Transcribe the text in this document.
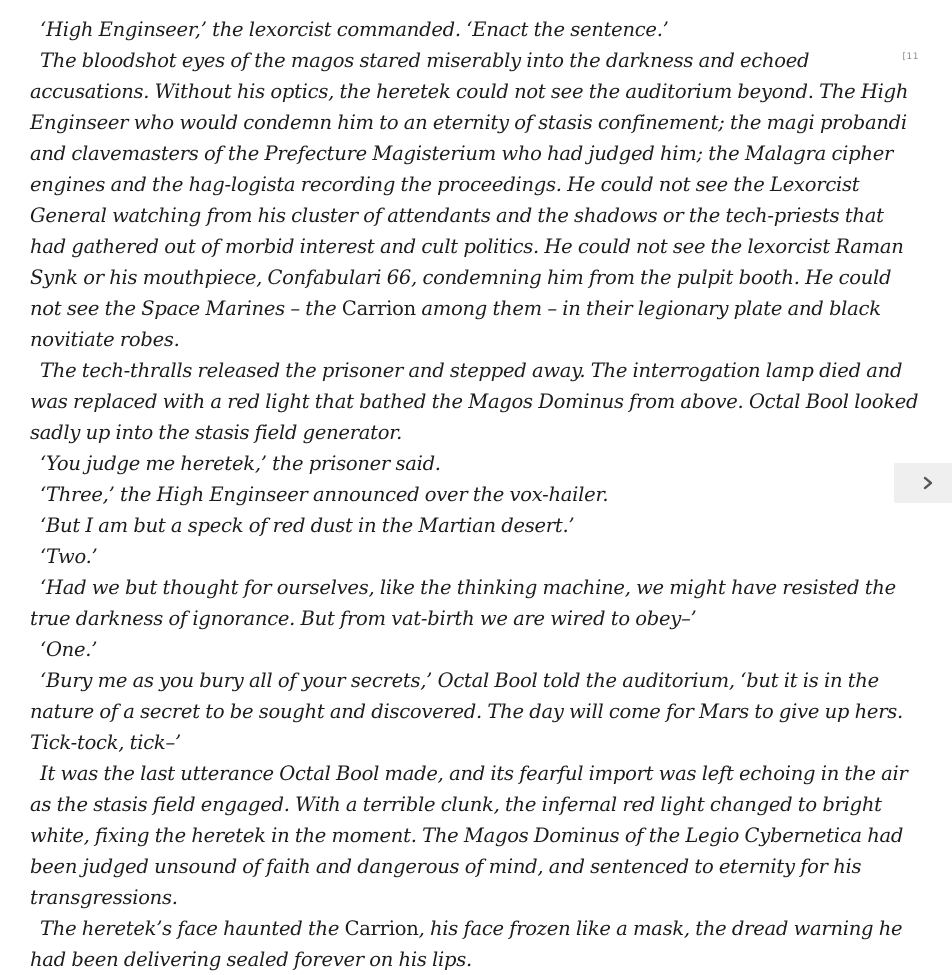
‘High Enginseer,’ the lexorcist commanded. ‘Enact the sentence.’

The bloodshot eyes of the magos stared miserably into the darkness and echoed accusations. Without his optics, the heretek could not see the auditorium beyond. The High Enginseer who would condemn him to an eternity of stasis confinement; the magi probandi and clavemasters of the Prefecture Magisterium who had judged him; the Malagra cipher engines and the hag-logista recording the proceedings. He could not see the Lexorcist General watching from his cluster of attendants and the shadows or the tech-priests that had gathered out of morbid interest and cult politics. He could not see the lexorcist Raman Synk or his mouthpiece, Confabulari 66, condemning him from the pulpit booth. He could not see the Space Marines – the Carrion among them – in their legionary plate and black novitiate robes.

The tech-thralls released the prisoner and stepped away. The interrogation lamp died and was replaced with a red light that bathed the Magos Dominus from above. Octal Bool looked sadly up into the stasis field generator.

‘You judge me heretek,’ the prisoner said.

‘Three,’ the High Enginseer announced over the vox-hailer.

‘But I am but a speck of red dust in the Martian desert.’

‘Two.’

‘Had we but thought for ourselves, like the thinking machine, we might have resisted the true darkness of ignorance. But from vat-birth we are wired to obey–’

‘One.’

‘Bury me as you bury all of your secrets,’ Octal Bool told the auditorium, ‘but it is in the nature of a secret to be sought and discovered. The day will come for Mars to give up hers. Tick-tock, tick–’

It was the last utterance Octal Bool made, and its fearful import was left echoing in the air as the stasis field engaged. With a terrible clunk, the infernal red light changed to bright white, fixing the heretek in the moment. The Magos Dominus of the Legio Cybernetica had been judged unsound of faith and dangerous of mind, and sentenced to eternity for his transgressions.

The heretek’s face haunted the Carrion, his face frozen like a mask, the dread warning he had been delivering sealed forever on his lips.

[11
